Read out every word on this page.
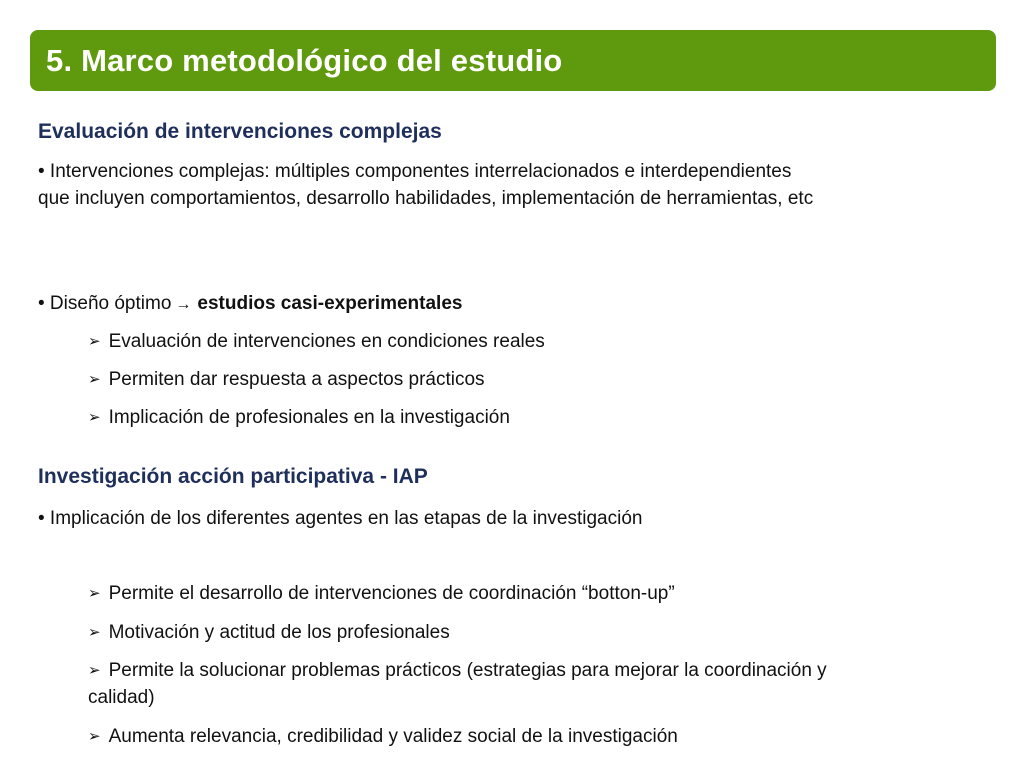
5. Marco metodológico del estudio
Evaluación de intervenciones complejas

• Intervenciones complejas: múltiples componentes interrelacionados e interdependientes que incluyen comportamientos, desarrollo habilidades, implementación de herramientas, etc

• Diseño óptimo → estudios casi-experimentales
➢ Evaluación de intervenciones en condiciones reales
➢ Permiten dar respuesta a aspectos prácticos
➢ Implicación de profesionales en la investigación
Investigación acción participativa - IAP
• Implicación de los diferentes agentes en las etapas de la investigación
➢ Permite el desarrollo de intervenciones de coordinación “botton-up”
➢ Motivación y actitud de los profesionales
➢ Permite la solucionar problemas prácticos (estrategias para mejorar la coordinación y calidad)
➢ Aumenta relevancia, credibilidad y validez social de la investigación
